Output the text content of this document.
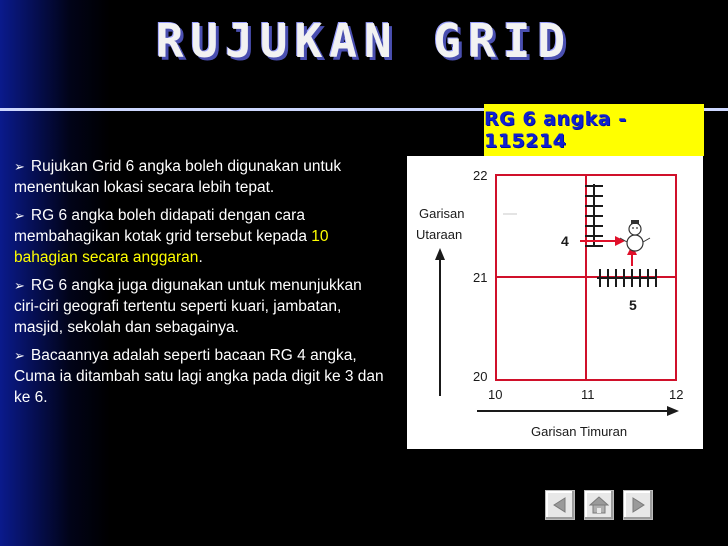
RUJUKAN GRID
RG 6 angka - 115214

➢ Rujukan Grid 6 angka boleh digunakan untuk menentukan lokasi secara lebih tepat.

➢ RG 6 angka boleh didapati dengan cara membahagikan kotak grid tersebut kepada 10 bahagian secara anggaran.

➢ RG 6 angka juga digunakan untuk menunjukkan ciri-ciri geografi tertentu seperti kuari, jambatan, masjid, sekolah dan sebagainya.

➢ Bacaannya adalah seperti bacaan RG 4 angka, Cuma ia ditambah satu lagi angka pada digit ke 3 dan ke 6.

Garisan
Utaraan
Garisan Timuran
22
21
20
10	11	12
4
5
